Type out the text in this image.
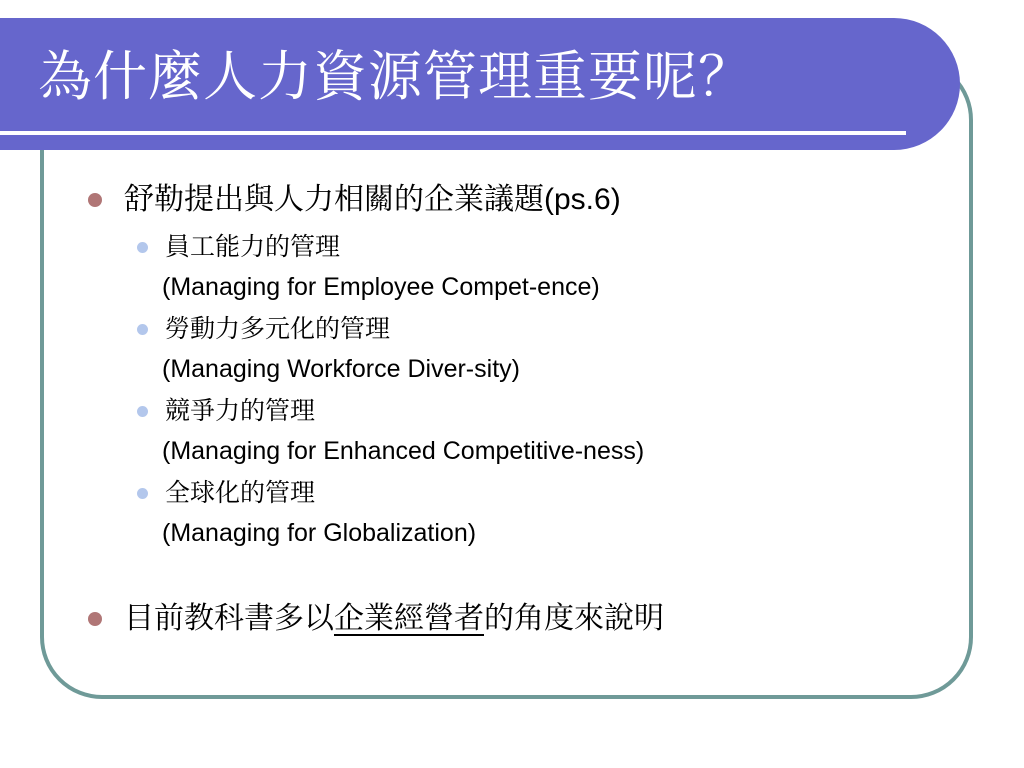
為什麼人力資源管理重要呢？
舒勒提出與人力相關的企業議題(ps.6)
員工能力的管理
(Managing for Employee Compet-ence)
勞動力多元化的管理
(Managing Workforce Diver-sity)
競爭力的管理
(Managing for Enhanced Competitive-ness)
全球化的管理
(Managing for Globalization)
目前教科書多以企業經營者的角度來說明
